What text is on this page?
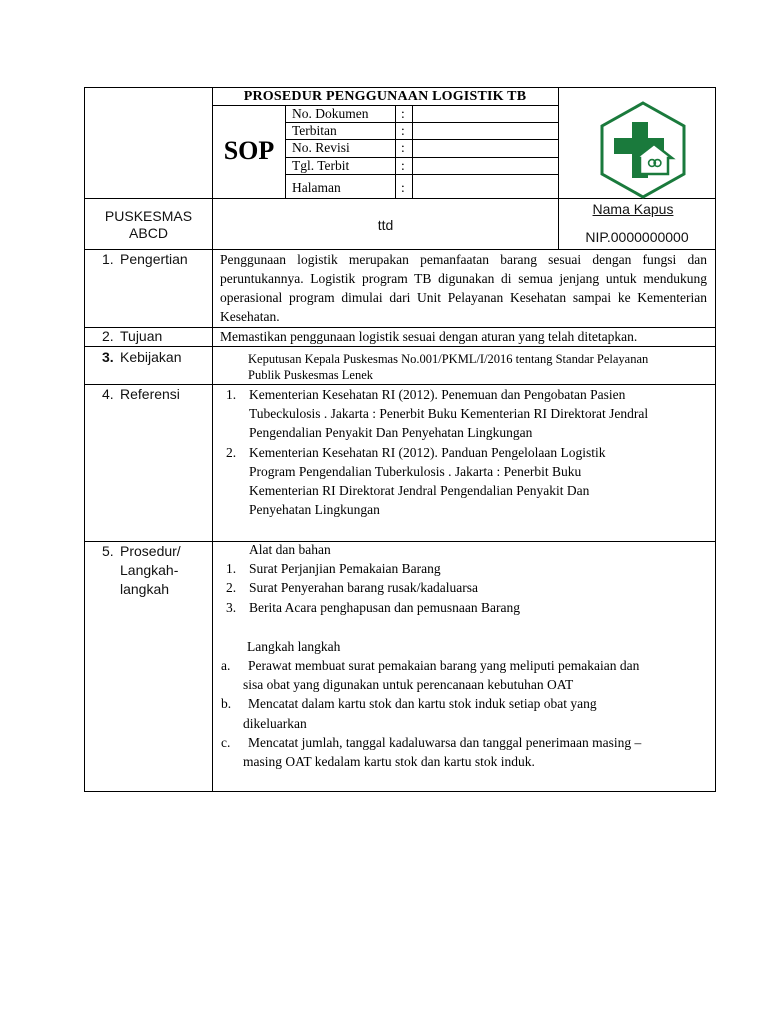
PROSEDUR PENGGUNAAN LOGISTIK TB
SOP
No. Dokumen :
Terbitan	:
No. Revisi	:
Tgl. Terbit	:
Halaman	:
PUSKESMAS
ABCD	ttd
Nama Kapus
NIP.0000000000
1. Pengertian Penggunaan logistik merupakan pemanfaatan barang sesuai dengan fungsi dan peruntukannya. Logistik program TB digunakan di semua jenjang untuk mendukung operasional program dimulai dari Unit Pelayanan Kesehatan sampai ke Kementerian Kesehatan.
2. Tujuan	Memastikan penggunaan logistik sesuai dengan aturan yang telah ditetapkan.
3. Kebijakan	Keputusan Kepala Puskesmas No.001/PKML/I/2016 tentang Standar Pelayanan
Publik Puskesmas Lenek
4. Referensi	1. Kementerian Kesehatan RI (2012). Penemuan dan Pengobatan Pasien
Tubeckulosis . Jakarta : Penerbit Buku Kementerian RI Direktorat Jendral
Pengendalian Penyakit Dan Penyehatan Lingkungan
2. Kementerian Kesehatan RI (2012). Panduan Pengelolaan Logistik
Program Pengendalian Tuberkulosis . Jakarta : Penerbit Buku
Kementerian RI Direktorat Jendral Pengendalian Penyakit Dan
Penyehatan Lingkungan
5. Prosedur/
Langkah-
langkah
Alat dan bahan
1. Surat Perjanjian Pemakaian Barang
2. Surat Penyerahan barang rusak/kadaluarsa
3. Berita Acara penghapusan dan pemusnaan Barang
Langkah langkah
a. Perawat membuat surat pemakaian barang yang meliputi pemakaian dan
sisa obat yang digunakan untuk perencanaan kebutuhan OAT
b. Mencatat dalam kartu stok dan kartu stok induk setiap obat yang
dikeluarkan
c. Mencatat jumlah, tanggal kadaluwarsa dan tanggal penerimaan masing –
masing OAT kedalam kartu stok dan kartu stok induk.
